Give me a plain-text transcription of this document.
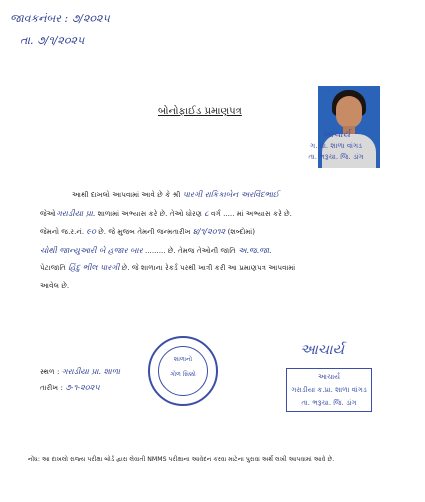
જાવકનંબર : ૭/૨૦૨૫
તા. ૭/૧/૨૦૨૫
આચાર્ય
ગ. પ્રા. શાળા વાંગડ
તા. ભરૂચા. જિ. ડાંગ
બોનોફાઈડ પ્રમાણપત્ર
આથી દાખલો આપવામાં આવે છે કે શ્રી પારગી રાકિકાબેન અરવિંદભાઈ
જેઓગરાડીયા પ્રા. શાળામાં અભ્યાસ કરે છે. તેઓ ધોરણ ૮ વર્ગ ..... માં અભ્યાસ કરે છે.
જેમનો જ.ર.નં. ૯૦ છે. જે મુજબ તેમની જન્મતારીખ ૪/૧/૨૦૧૨ (શબ્દોમાં)
ચોથી જાન્યુઆરી બે હજાર બાર ......... છે. તેમજ તેઓની જાતિ અ.જ.જા.
પેટાજાતિ હિંદુ ભીલ પારગી છે. જે શાળાના રેકર્ડ પરથી ખાત્રી કરી આ પ્રમાણપત્ર આપવામાં
આવેલ છે.
શાળાનો
ગોળ સિક્કો
સ્થળ : ગરાડીયા પ્રા. શાળા
તારીખ : ૭-૧-૨૦૨૫
આચાર્ય
આચાર્ય
ગરાડીયા ક.પ્રા. શાળા વાંગડ
તા. ભરૂચા. જિ. ડાંગ
નોંધ: આ દાખલો રાજ્ય પરીક્ષા બોર્ડ દ્વારા લેવાતી NMMS પરીક્ષાના આવેદન કરવા માટેના પુરાવા અર્થે લખી આપવામાં આવે છે.
